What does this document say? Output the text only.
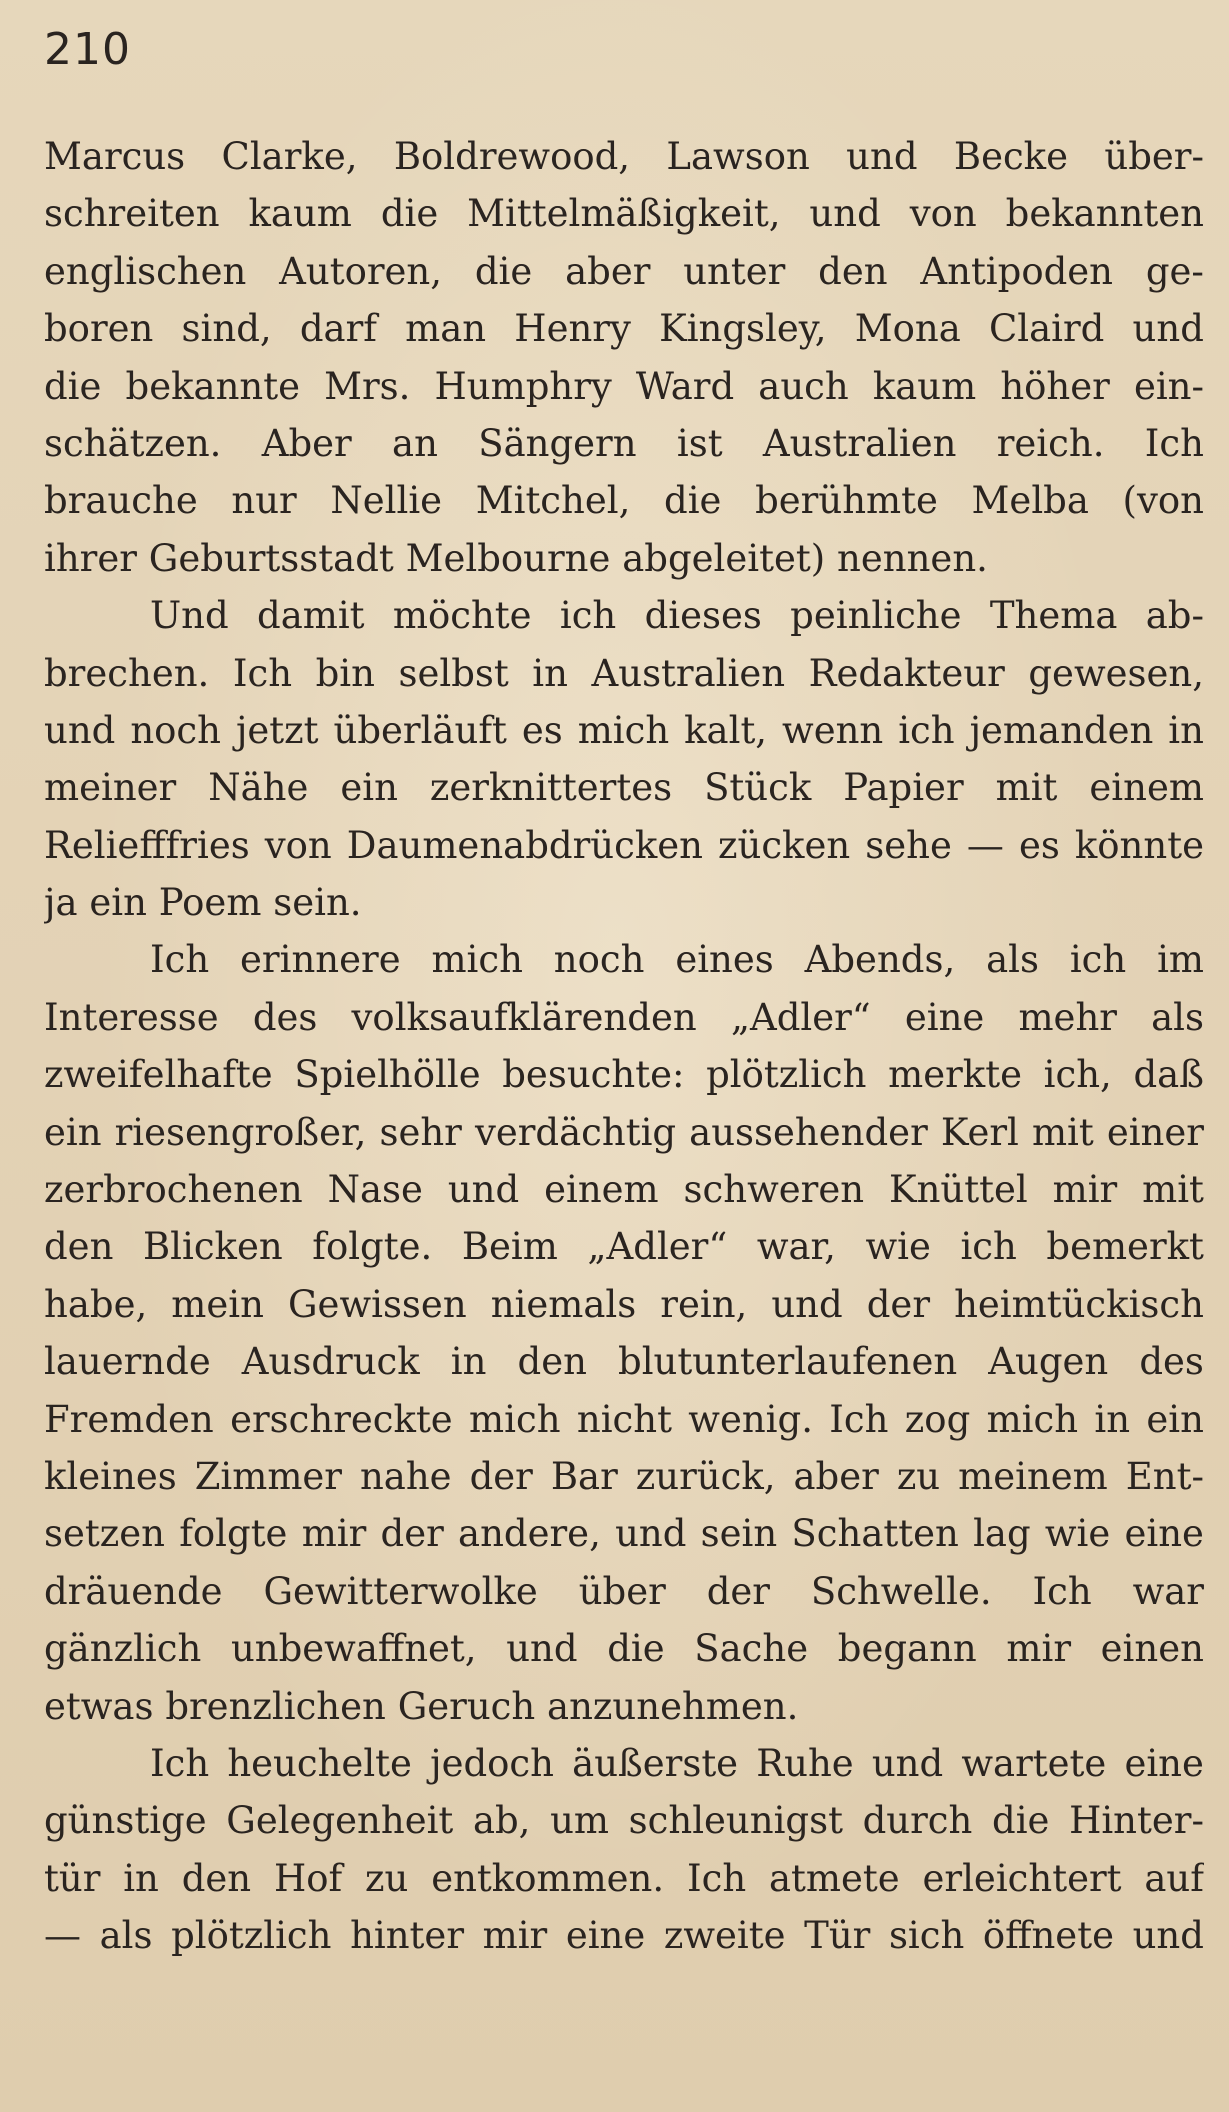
210
Marcus Clarke, Boldrewood, Lawson und Becke über-
schreiten kaum die Mittelmäßigkeit, und von bekannten
englischen Autoren, die aber unter den Antipoden ge-
boren sind, darf man Henry Kingsley, Mona Claird und
die bekannte Mrs. Humphry Ward auch kaum höher ein-
schätzen. Aber an Sängern ist Australien reich. Ich
brauche nur Nellie Mitchel, die berühmte Melba (von
ihrer Geburtsstadt Melbourne abgeleitet) nennen.
Und damit möchte ich dieses peinliche Thema ab-
brechen. Ich bin selbst in Australien Redakteur gewesen,
und noch jetzt überläuft es mich kalt, wenn ich jemanden in
meiner Nähe ein zerknittertes Stück Papier mit einem
Reliefffries von Daumenabdrücken zücken sehe — es könnte
ja ein Poem sein.
Ich erinnere mich noch eines Abends, als ich im
Interesse des volksaufklärenden „Adler“ eine mehr als
zweifelhafte Spielhölle besuchte: plötzlich merkte ich, daß
ein riesengroßer, sehr verdächtig aussehender Kerl mit einer
zerbrochenen Nase und einem schweren Knüttel mir mit
den Blicken folgte. Beim „Adler“ war, wie ich bemerkt
habe, mein Gewissen niemals rein, und der heimtückisch
lauernde Ausdruck in den blutunterlaufenen Augen des
Fremden erschreckte mich nicht wenig. Ich zog mich in ein
kleines Zimmer nahe der Bar zurück, aber zu meinem Ent-
setzen folgte mir der andere, und sein Schatten lag wie eine
dräuende Gewitterwolke über der Schwelle. Ich war
gänzlich unbewaffnet, und die Sache begann mir einen
etwas brenzlichen Geruch anzunehmen.
Ich heuchelte jedoch äußerste Ruhe und wartete eine
günstige Gelegenheit ab, um schleunigst durch die Hinter-
tür in den Hof zu entkommen. Ich atmete erleichtert auf
— als plötzlich hinter mir eine zweite Tür sich öffnete und
